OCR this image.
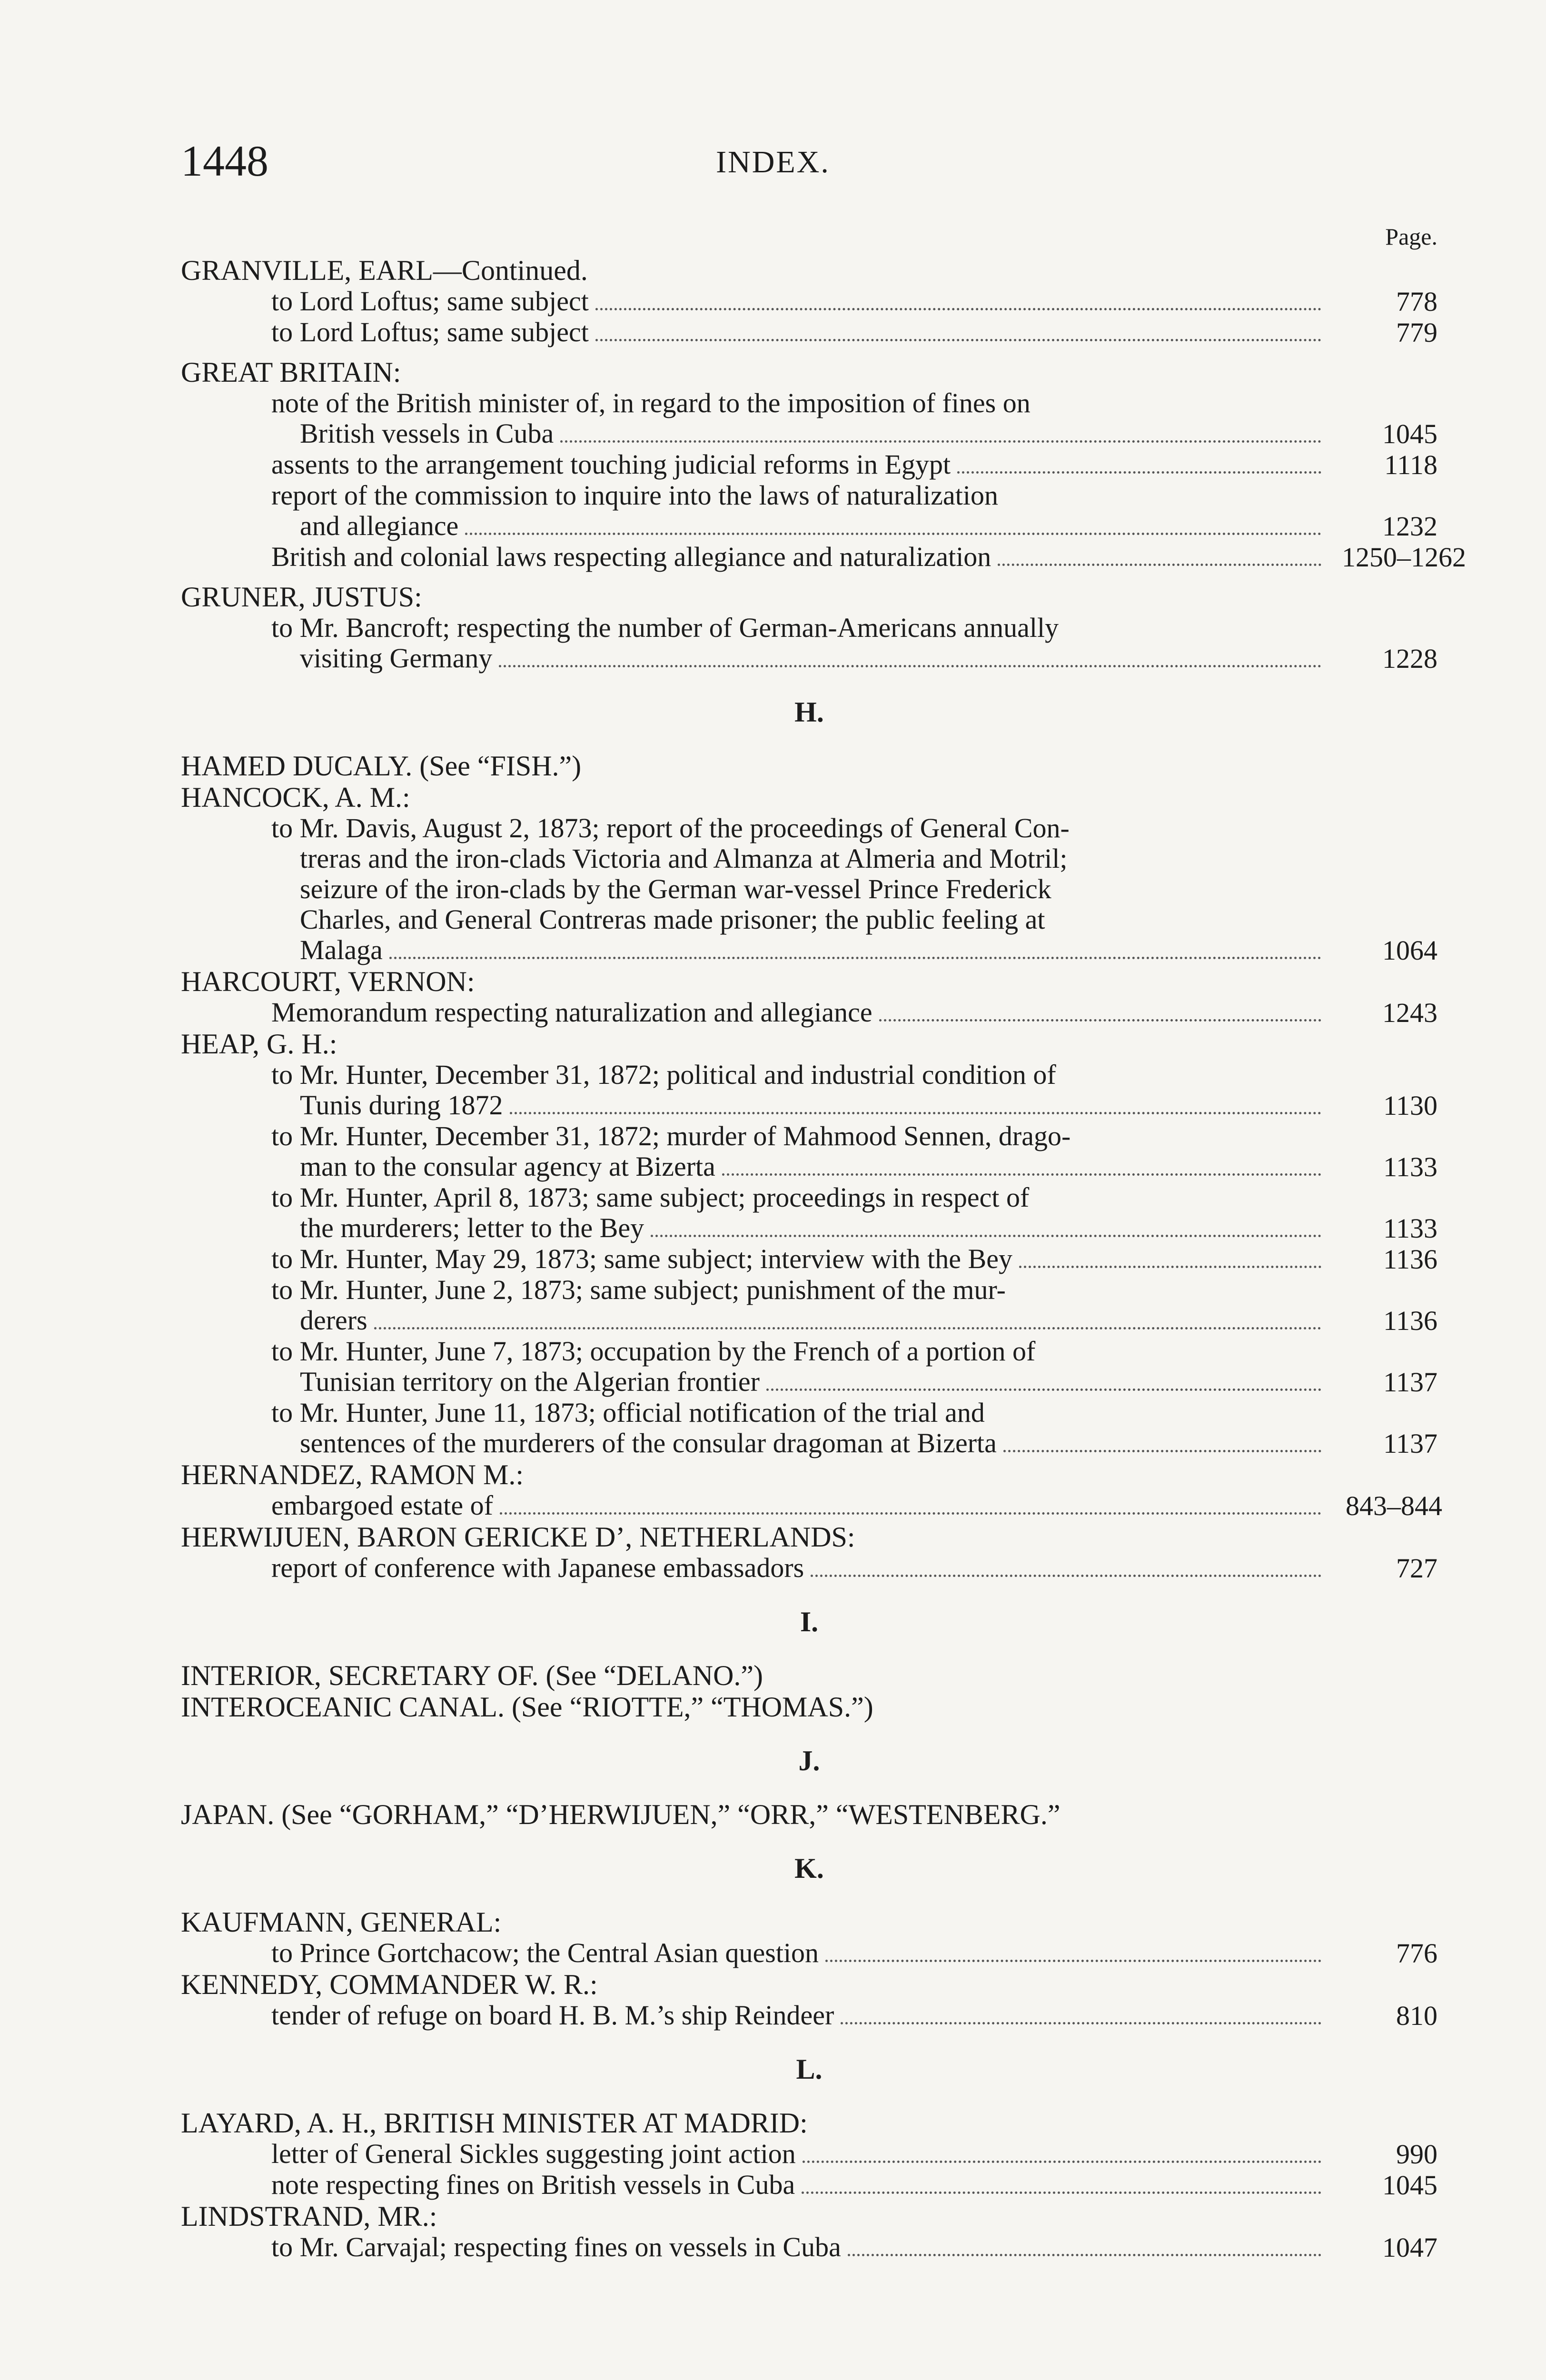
1448	INDEX.
Page.
GRANVILLE, EARL—Continued.
to Lord Loftus; same subject	778
to Lord Loftus; same subject	779
GREAT BRITAIN:
note of the British minister of, in regard to the imposition of fines on
British vessels in Cuba	1045
assents to the arrangement touching judicial reforms in Egypt	1118
report of the commission to inquire into the laws of naturalization
and allegiance	1232
British and colonial laws respecting allegiance and naturalization	1250–1262
GRUNER, JUSTUS:
to Mr. Bancroft; respecting the number of German-Americans annually
visiting Germany	1228
H.
HAMED DUCALY. (See “FISH.”)
HANCOCK, A. M.:
to Mr. Davis, August 2, 1873; report of the proceedings of General Con-
treras and the iron-clads Victoria and Almanza at Almeria and Motril;
seizure of the iron-clads by the German war-vessel Prince Frederick
Charles, and General Contreras made prisoner; the public feeling at
Malaga	1064
HARCOURT, VERNON:
Memorandum respecting naturalization and allegiance	1243
HEAP, G. H.:
to Mr. Hunter, December 31, 1872; political and industrial condition of
Tunis during 1872	1130
to Mr. Hunter, December 31, 1872; murder of Mahmood Sennen, drago-
man to the consular agency at Bizerta	1133
to Mr. Hunter, April 8, 1873; same subject; proceedings in respect of
the murderers; letter to the Bey	1133
to Mr. Hunter, May 29, 1873; same subject; interview with the Bey	1136
to Mr. Hunter, June 2, 1873; same subject; punishment of the mur-
derers	1136
to Mr. Hunter, June 7, 1873; occupation by the French of a portion of
Tunisian territory on the Algerian frontier	1137
to Mr. Hunter, June 11, 1873; official notification of the trial and
sentences of the murderers of the consular dragoman at Bizerta	1137
HERNANDEZ, RAMON M.:
embargoed estate of	843–844
HERWIJUEN, BARON GERICKE D’, NETHERLANDS:
report of conference with Japanese embassadors	727
I.
INTERIOR, SECRETARY OF. (See “DELANO.”)
INTEROCEANIC CANAL. (See “RIOTTE,” “THOMAS.”)
J.
JAPAN. (See “GORHAM,” “D’HERWIJUEN,” “ORR,” “WESTENBERG.”
K.
KAUFMANN, GENERAL:
to Prince Gortchacow; the Central Asian question	776
KENNEDY, COMMANDER W. R.:
tender of refuge on board H. B. M.’s ship Reindeer	810
L.
LAYARD, A. H., BRITISH MINISTER AT MADRID:
letter of General Sickles suggesting joint action	990
note respecting fines on British vessels in Cuba	1045
LINDSTRAND, MR.:
to Mr. Carvajal; respecting fines on vessels in Cuba	1047
